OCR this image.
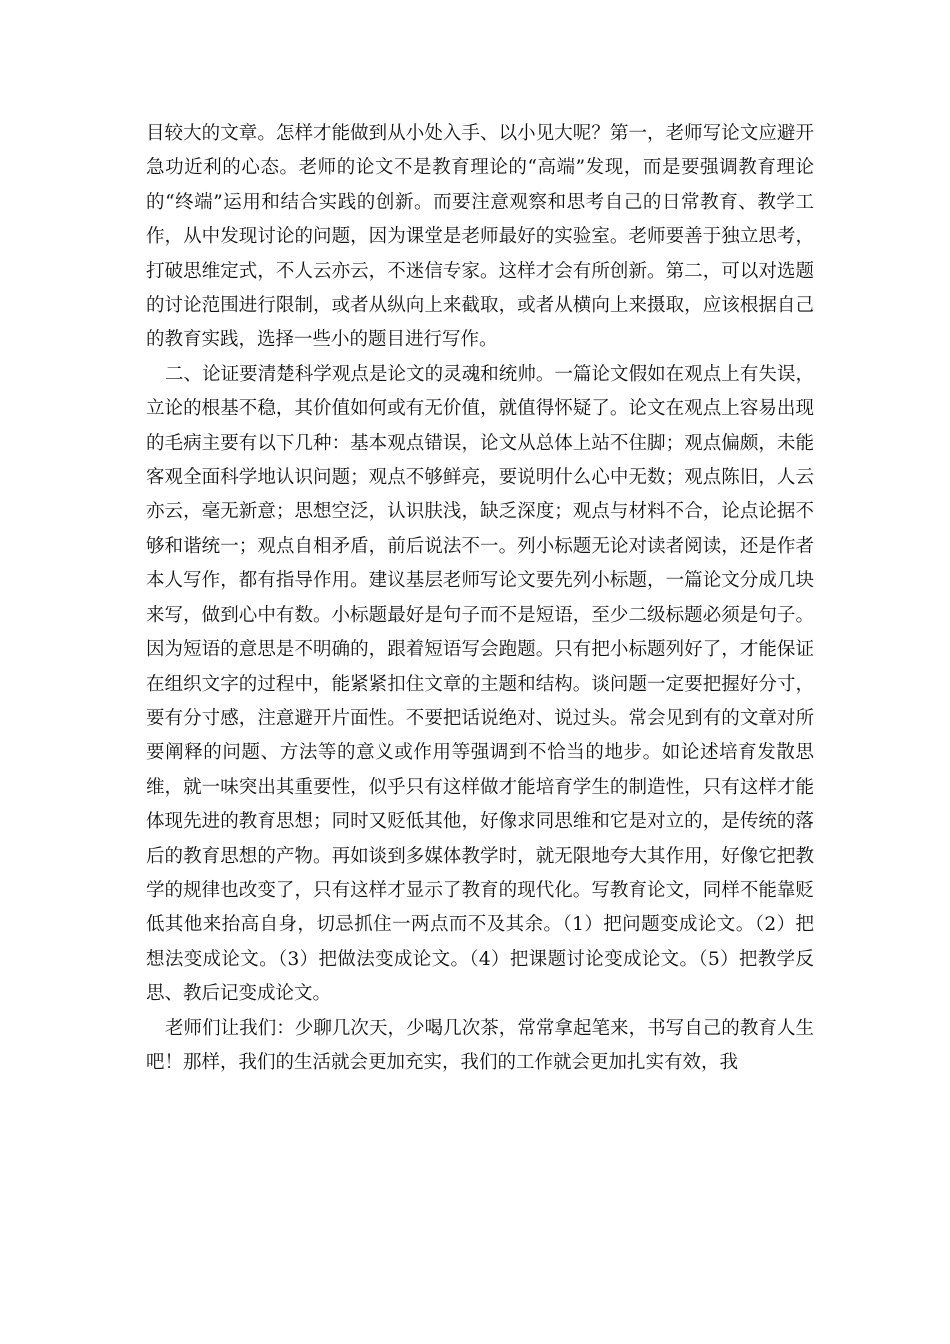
目较大的文章。怎样才能做到从小处入手、以小见大呢？第一，老师写论文应避开急功近利的心态。老师的论文不是教育理论的“高端”发现，而是要强调教育理论的“终端”运用和结合实践的创新。而要注意观察和思考自己的日常教育、教学工作，从中发现讨论的问题，因为课堂是老师最好的实验室。老师要善于独立思考，打破思维定式，不人云亦云，不迷信专家。这样才会有所创新。第二，可以对选题的讨论范围进行限制，或者从纵向上来截取，或者从横向上来摄取，应该根据自己的教育实践，选择一些小的题目进行写作。

二、论证要清楚科学观点是论文的灵魂和统帅。一篇论文假如在观点上有失误，立论的根基不稳，其价值如何或有无价值，就值得怀疑了。论文在观点上容易出现的毛病主要有以下几种：基本观点错误，论文从总体上站不住脚；观点偏颇，未能客观全面科学地认识问题；观点不够鲜亮，要说明什么心中无数；观点陈旧，人云亦云，毫无新意；思想空泛，认识肤浅，缺乏深度；观点与材料不合，论点论据不够和谐统一；观点自相矛盾，前后说法不一。列小标题无论对读者阅读，还是作者本人写作，都有指导作用。建议基层老师写论文要先列小标题，一篇论文分成几块来写，做到心中有数。小标题最好是句子而不是短语，至少二级标题必须是句子。因为短语的意思是不明确的，跟着短语写会跑题。只有把小标题列好了，才能保证在组织文字的过程中，能紧紧扣住文章的主题和结构。谈问题一定要把握好分寸，要有分寸感，注意避开片面性。不要把话说绝对、说过头。常会见到有的文章对所要阐释的问题、方法等的意义或作用等强调到不恰当的地步。如论述培育发散思维，就一味突出其重要性，似乎只有这样做才能培育学生的制造性，只有这样才能体现先进的教育思想；同时又贬低其他，好像求同思维和它是对立的，是传统的落后的教育思想的产物。再如谈到多媒体教学时，就无限地夸大其作用，好像它把教学的规律也改变了，只有这样才显示了教育的现代化。写教育论文，同样不能靠贬低其他来抬高自身，切忌抓住一两点而不及其余。（1）把问题变成论文。（2）把想法变成论文。（3）把做法变成论文。（4）把课题讨论变成论文。（5）把教学反思、教后记变成论文。

老师们让我们：少聊几次天，少喝几次茶，常常拿起笔来，书写自己的教育人生吧！那样，我们的生活就会更加充实，我们的工作就会更加扎实有效，我
